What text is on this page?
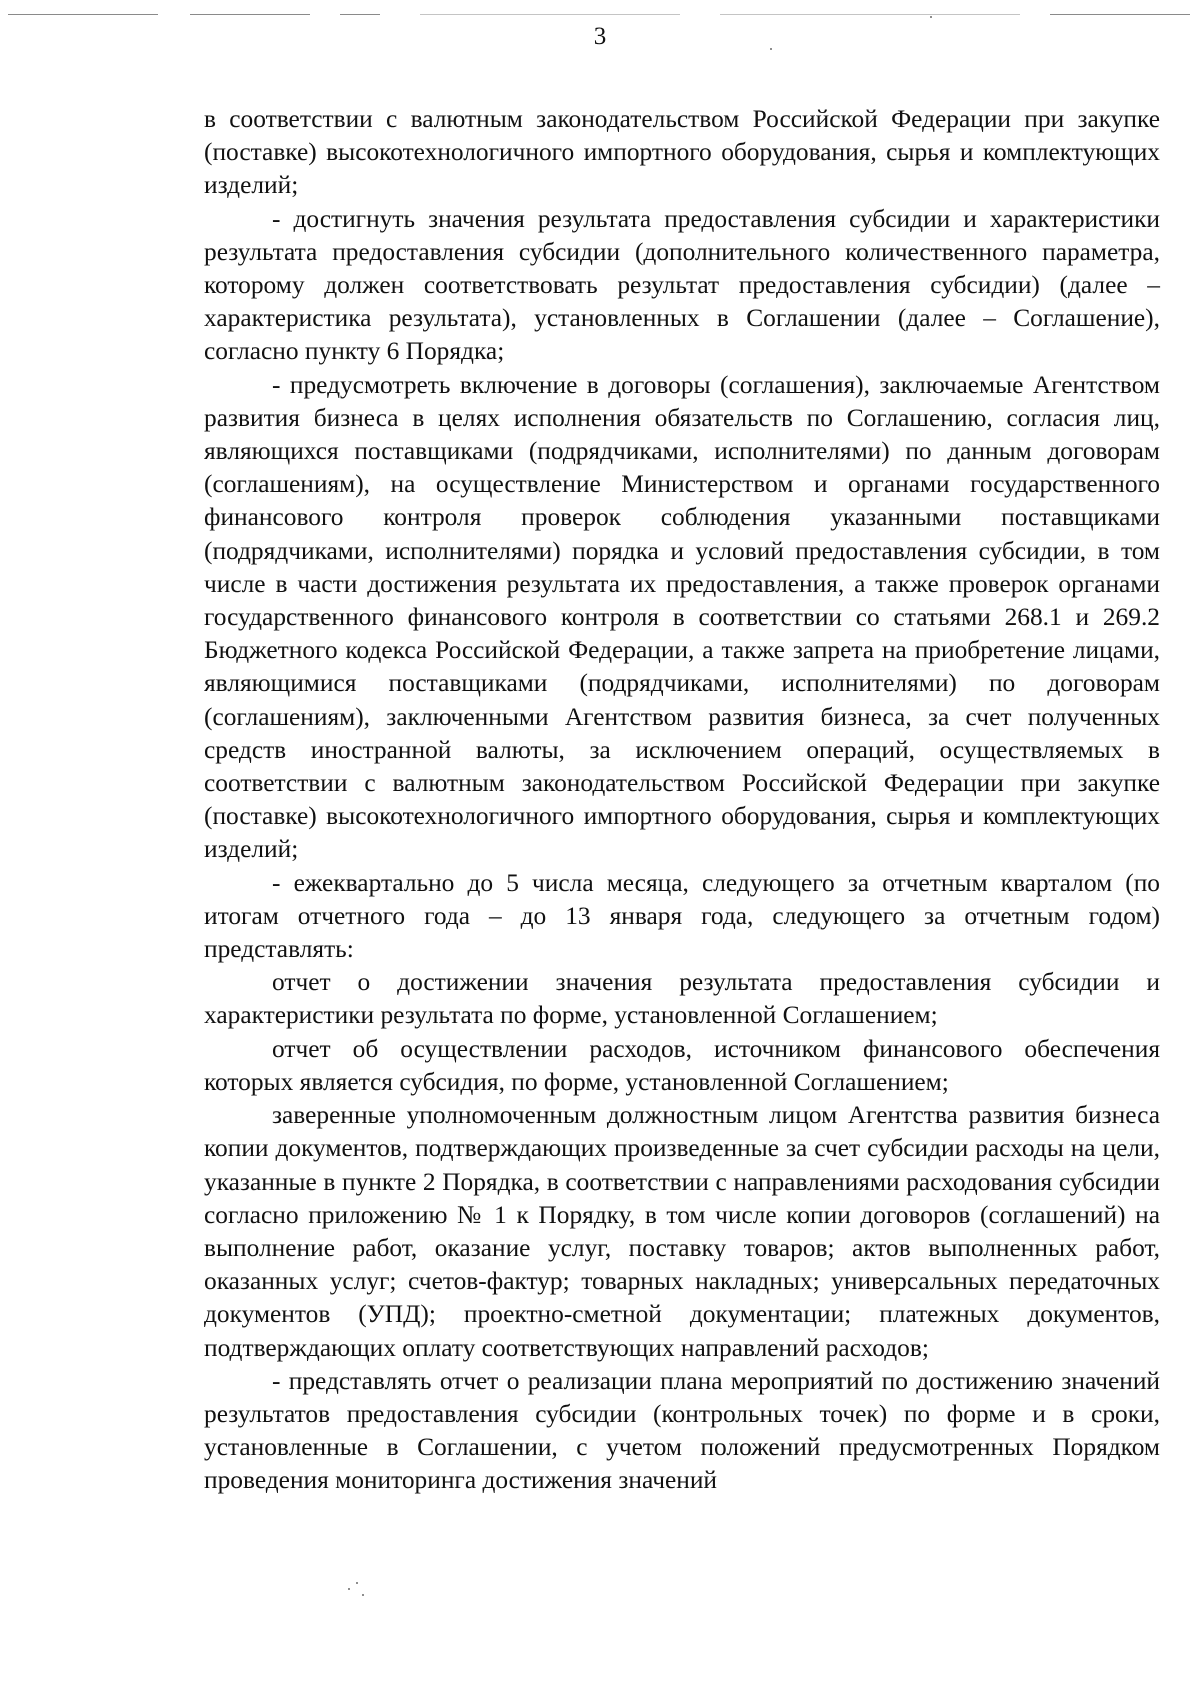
3

в соответствии с валютным законодательством Российской Федерации при закупке (поставке) высокотехнологичного импортного оборудования, сырья и комплектующих изделий;

- достигнуть значения результата предоставления субсидии и характеристики результата предоставления субсидии (дополнительного количественного параметра, которому должен соответствовать результат предоставления субсидии) (далее – характеристика результата), установленных в Соглашении (далее – Соглашение), согласно пункту 6 Порядка;

- предусмотреть включение в договоры (соглашения), заключаемые Агентством развития бизнеса в целях исполнения обязательств по Соглашению, согласия лиц, являющихся поставщиками (подрядчиками, исполнителями) по данным договорам (соглашениям), на осуществление Министерством и органами государственного финансового контроля проверок соблюдения указанными поставщиками (подрядчиками, исполнителями) порядка и условий предоставления субсидии, в том числе в части достижения результата их предоставления, а также проверок органами государственного финансового контроля в соответствии со статьями 268.1 и 269.2 Бюджетного кодекса Российской Федерации, а также запрета на приобретение лицами, являющимися поставщиками (подрядчиками, исполнителями) по договорам (соглашениям), заключенными Агентством развития бизнеса, за счет полученных средств иностранной валюты, за исключением операций, осуществляемых в соответствии с валютным законодательством Российской Федерации при закупке (поставке) высокотехнологичного импортного оборудования, сырья и комплектующих изделий;

- ежеквартально до 5 числа месяца, следующего за отчетным кварталом (по итогам отчетного года – до 13 января года, следующего за отчетным годом) представлять:

отчет о достижении значения результата предоставления субсидии и характеристики результата по форме, установленной Соглашением;

отчет об осуществлении расходов, источником финансового обеспечения которых является субсидия, по форме, установленной Соглашением;

заверенные уполномоченным должностным лицом Агентства развития бизнеса копии документов, подтверждающих произведенные за счет субсидии расходы на цели, указанные в пункте 2 Порядка, в соответствии с направлениями расходования субсидии согласно приложению № 1 к Порядку, в том числе копии договоров (соглашений) на выполнение работ, оказание услуг, поставку товаров; актов выполненных работ, оказанных услуг; счетов-фактур; товарных накладных; универсальных передаточных документов (УПД); проектно-сметной документации; платежных документов, подтверждающих оплату соответствующих направлений расходов;

- представлять отчет о реализации плана мероприятий по достижению значений результатов предоставления субсидии (контрольных точек) по форме и в сроки, установленные в Соглашении, с учетом положений предусмотренных Порядком проведения мониторинга достижения значений
